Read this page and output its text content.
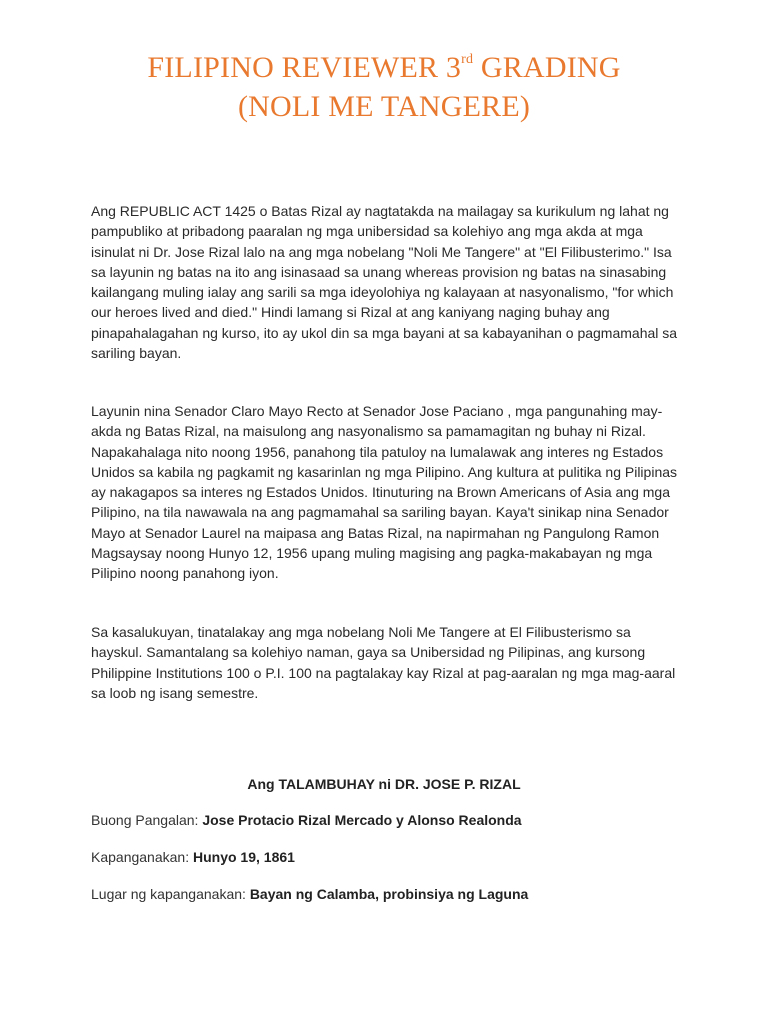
FILIPINO REVIEWER 3rd GRADING
(NOLI ME TANGERE)

Ang REPUBLIC ACT 1425 o Batas Rizal ay nagtatakda na mailagay sa kurikulum ng lahat ng pampubliko at pribadong paaralan ng mga unibersidad sa kolehiyo ang mga akda at mga isinulat ni Dr. Jose Rizal lalo na ang mga nobelang "Noli Me Tangere" at "El Filibusterimo." Isa sa layunin ng batas na ito ang isinasaad sa unang whereas provision ng batas na sinasabing kailangang muling ialay ang sarili sa mga ideyolohiya ng kalayaan at nasyonalismo, "for which our heroes lived and died." Hindi lamang si Rizal at ang kaniyang naging buhay ang pinapahalagahan ng kurso, ito ay ukol din sa mga bayani at sa kabayanihan o pagmamahal sa sariling bayan.

Layunin nina Senador Claro Mayo Recto at Senador Jose Paciano , mga pangunahing may-akda ng Batas Rizal, na maisulong ang nasyonalismo sa pamamagitan ng buhay ni Rizal. Napakahalaga nito noong 1956, panahong tila patuloy na lumalawak ang interes ng Estados Unidos sa kabila ng pagkamit ng kasarinlan ng mga Pilipino. Ang kultura at pulitika ng Pilipinas ay nakagapos sa interes ng Estados Unidos. Itinuturing na Brown Americans of Asia ang mga Pilipino, na tila nawawala na ang pagmamahal sa sariling bayan. Kaya't sinikap nina Senador Mayo at Senador Laurel na maipasa ang Batas Rizal, na napirmahan ng Pangulong Ramon Magsaysay noong Hunyo 12, 1956 upang muling magising ang pagka-makabayan ng mga Pilipino noong panahong iyon.

Sa kasalukuyan, tinatalakay ang mga nobelang Noli Me Tangere at El Filibusterismo sa hayskul. Samantalang sa kolehiyo naman, gaya sa Unibersidad ng Pilipinas, ang kursong Philippine Institutions 100 o P.I. 100 na pagtalakay kay Rizal at pag-aaralan ng mga mag-aaral sa loob ng isang semestre.

Ang TALAMBUHAY ni DR. JOSE P. RIZAL
Buong Pangalan: Jose Protacio Rizal Mercado y Alonso Realonda
Kapanganakan: Hunyo 19, 1861
Lugar ng kapanganakan: Bayan ng Calamba, probinsiya ng Laguna
